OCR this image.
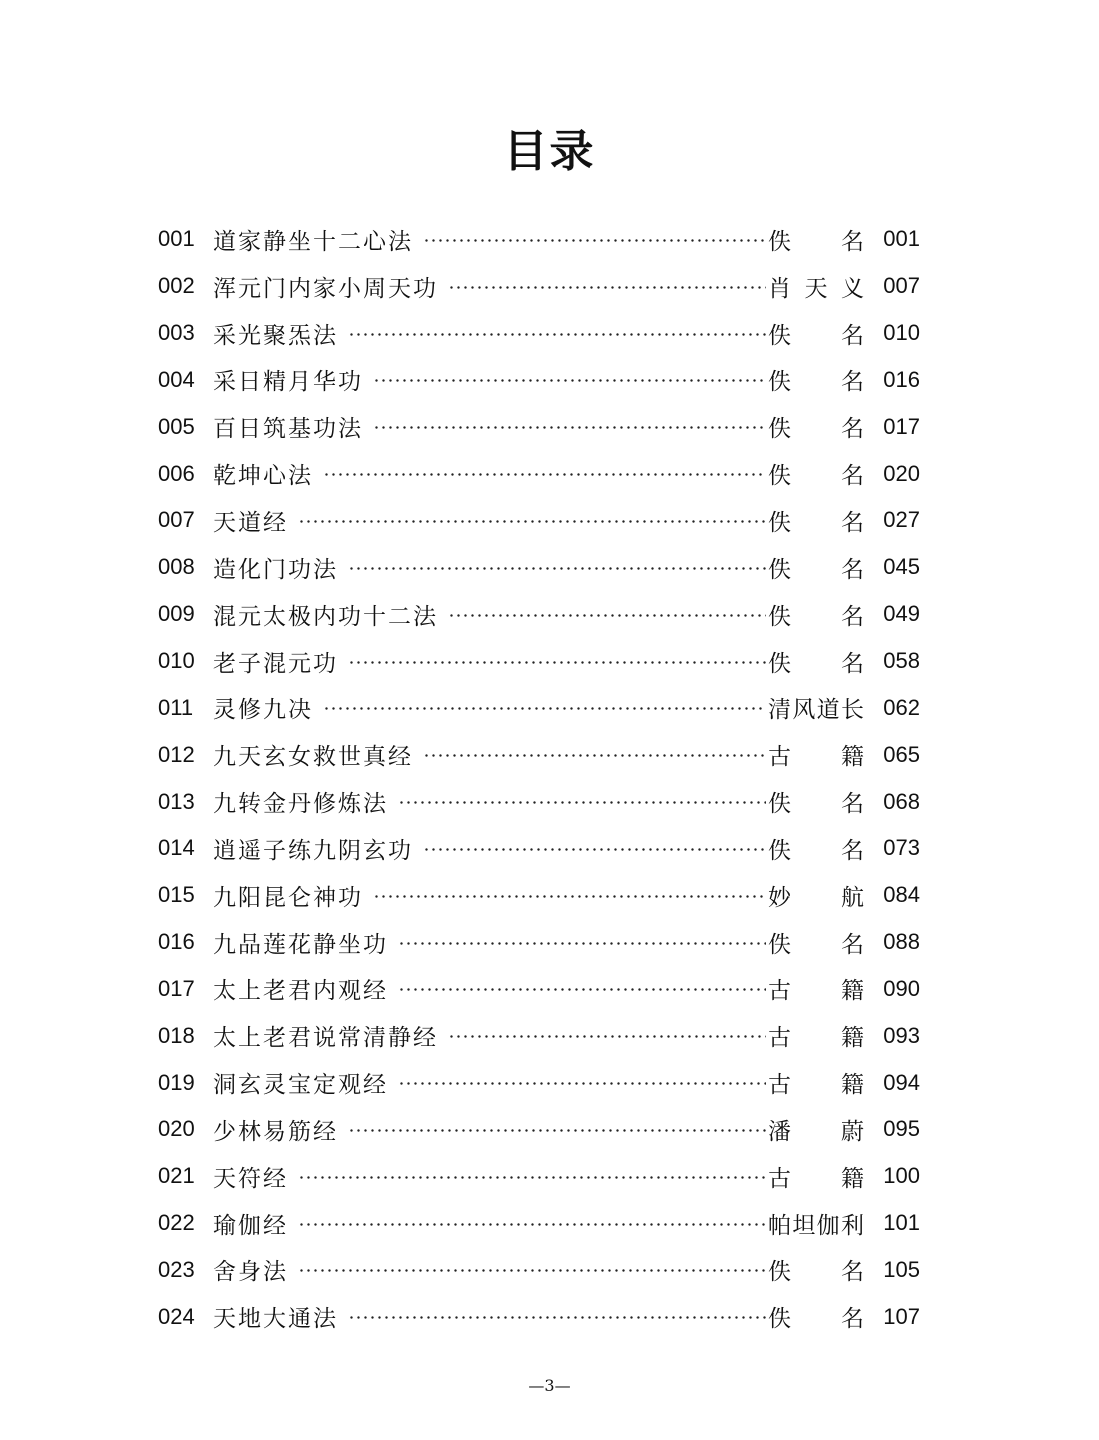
目录
001 道家静坐十二心法	佚　名 001
002 浑元门内家小周天功	肖天义 007
003 采光聚炁法	佚　名 010
004 采日精月华功	佚　名 016
005 百日筑基功法	佚　名 017
006 乾坤心法	佚　名 020
007 天道经	佚　名 027
008 造化门功法	佚　名 045
009 混元太极内功十二法	佚　名 049
010 老子混元功	佚　名 058
011 灵修九决	清风道长 062
012 九天玄女救世真经	古　籍 065
013 九转金丹修炼法	佚　名 068
014 逍遥子练九阴玄功	佚　名 073
015 九阳昆仑神功	妙　航 084
016 九品莲花静坐功	佚　名 088
017 太上老君内观经	古　籍 090
018 太上老君说常清静经	古　籍 093
019 洞玄灵宝定观经	古　籍 094
020 少林易筋经	潘　蔚 095
021 天符经	古　籍 100
022 瑜伽经	帕坦伽利 101
023 舍身法	佚　名 105
024 天地大通法	佚　名 107
—3—
